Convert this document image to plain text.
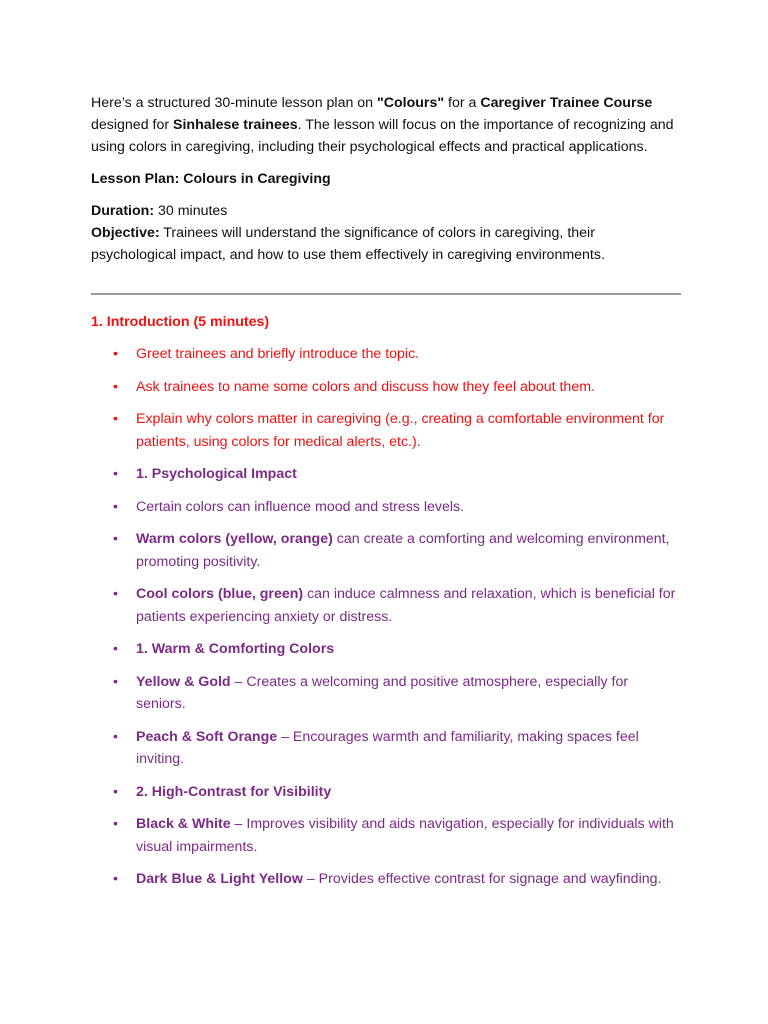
Here’s a structured 30-minute lesson plan on "Colours" for a Caregiver Trainee Course designed for Sinhalese trainees. The lesson will focus on the importance of recognizing and using colors in caregiving, including their psychological effects and practical applications.

Lesson Plan: Colours in Caregiving

Duration: 30 minutes

Objective: Trainees will understand the significance of colors in caregiving, their psychological impact, and how to use them effectively in caregiving environments.

1. Introduction (5 minutes)

• Greet trainees and briefly introduce the topic.
• Ask trainees to name some colors and discuss how they feel about them.
• Explain why colors matter in caregiving (e.g., creating a comfortable environment for patients, using colors for medical alerts, etc.).
• 1. Psychological Impact
• Certain colors can influence mood and stress levels.
• Warm colors (yellow, orange) can create a comforting and welcoming environment, promoting positivity.
• Cool colors (blue, green) can induce calmness and relaxation, which is beneficial for patients experiencing anxiety or distress.
• 1. Warm & Comforting Colors
• Yellow & Gold – Creates a welcoming and positive atmosphere, especially for seniors.
• Peach & Soft Orange – Encourages warmth and familiarity, making spaces feel inviting.
• 2. High-Contrast for Visibility
• Black & White – Improves visibility and aids navigation, especially for individuals with visual impairments.
• Dark Blue & Light Yellow – Provides effective contrast for signage and wayfinding.
